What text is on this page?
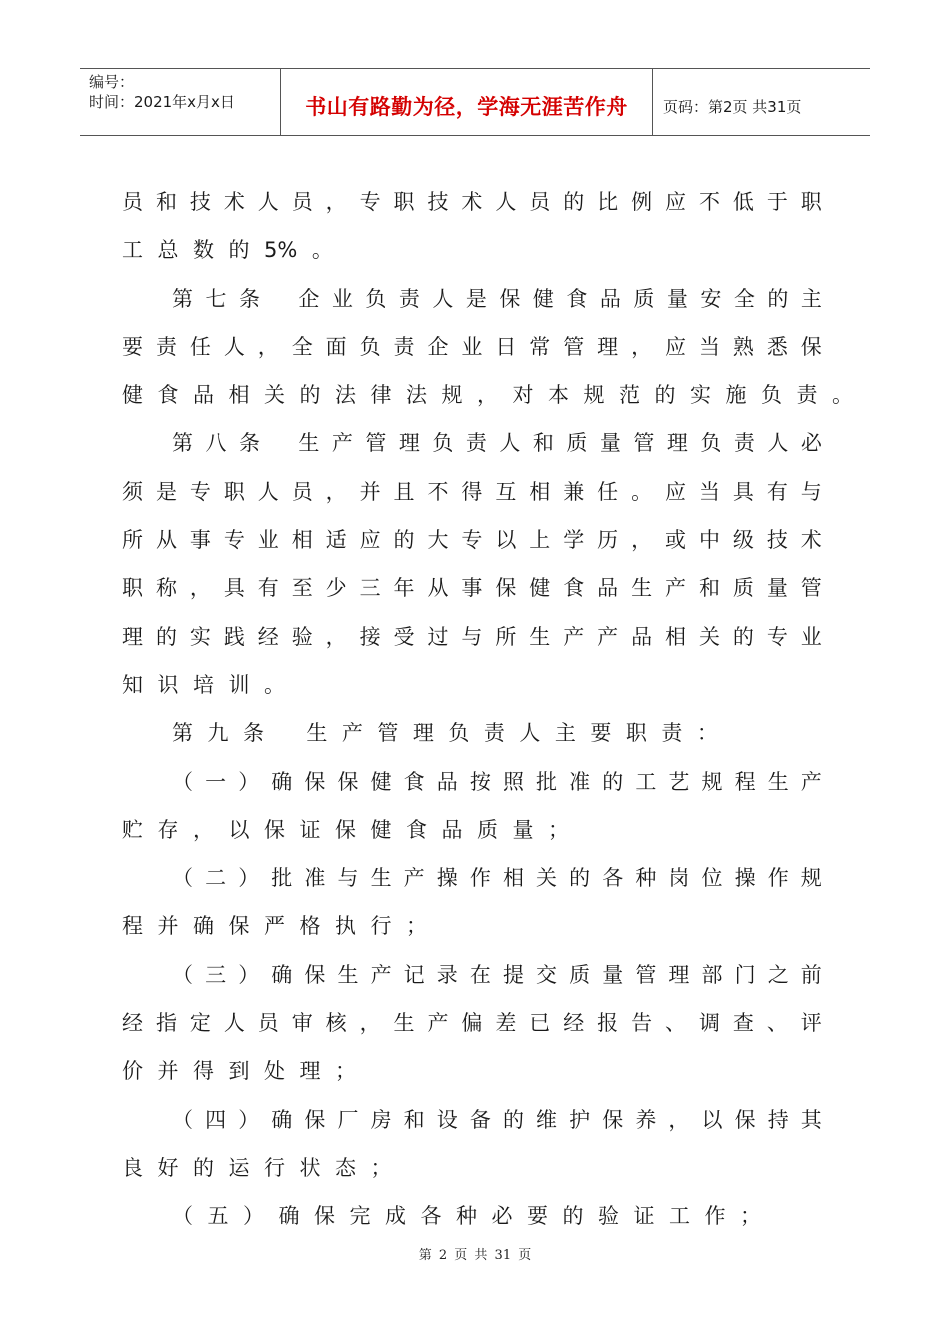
编号：
时间：2021年x月x日	书山有路勤为径，学海无涯苦作舟 页码：第2页 共31页
员 和 技 术 人 员 ， 专 职 技 术 人 员 的 比 例 应 不 低 于 职
工 总 数 的 5% 。
第 七 条
企 业 负 责 人 是 保 健 食 品 质 量 安 全 的 主
要 责 任 人 ， 全 面 负 责 企 业 日 常 管 理 ， 应 当 熟 悉 保
健 食 品 相 关 的 法 律 法 规 ， 对 本 规 范 的 实 施 负 责 。
第 八 条
生 产 管 理 负 责 人 和 质 量 管 理 负 责 人 必
须 是 专 职 人 员 ， 并 且 不 得 互 相 兼 任 。 应 当 具 有 与
所 从 事 专 业 相 适 应 的 大 专 以 上 学 历 ， 或 中 级 技 术
职 称 ， 具 有 至 少 三 年 从 事 保 健 食 品 生 产 和 质 量 管
理 的 实 践 经 验 ， 接 受 过 与 所 生 产 产 品 相 关 的 专 业
知 识 培 训 。
第 九 条
生 产 管 理 负 责 人 主 要 职 责 ：
（ 一 ） 确 保 保 健 食 品 按 照 批 准 的 工 艺 规 程 生 产
贮 存 ， 以 保 证 保 健 食 品 质 量 ；
（ 二 ） 批 准 与 生 产 操 作 相 关 的 各 种 岗 位 操 作 规
程 并 确 保 严 格 执 行 ；
（ 三 ） 确 保 生 产 记 录 在 提 交 质 量 管 理 部 门 之 前
经 指 定 人 员 审 核 ， 生 产 偏 差 已 经 报 告 、 调 查 、 评
价 并 得 到 处 理 ；
（ 四 ） 确 保 厂 房 和 设 备 的 维 护 保 养 ， 以 保 持 其
良 好 的 运 行 状 态 ；
（ 五 ） 确 保 完 成 各 种 必 要 的 验 证 工 作 ；
第 2 页 共 31 页
